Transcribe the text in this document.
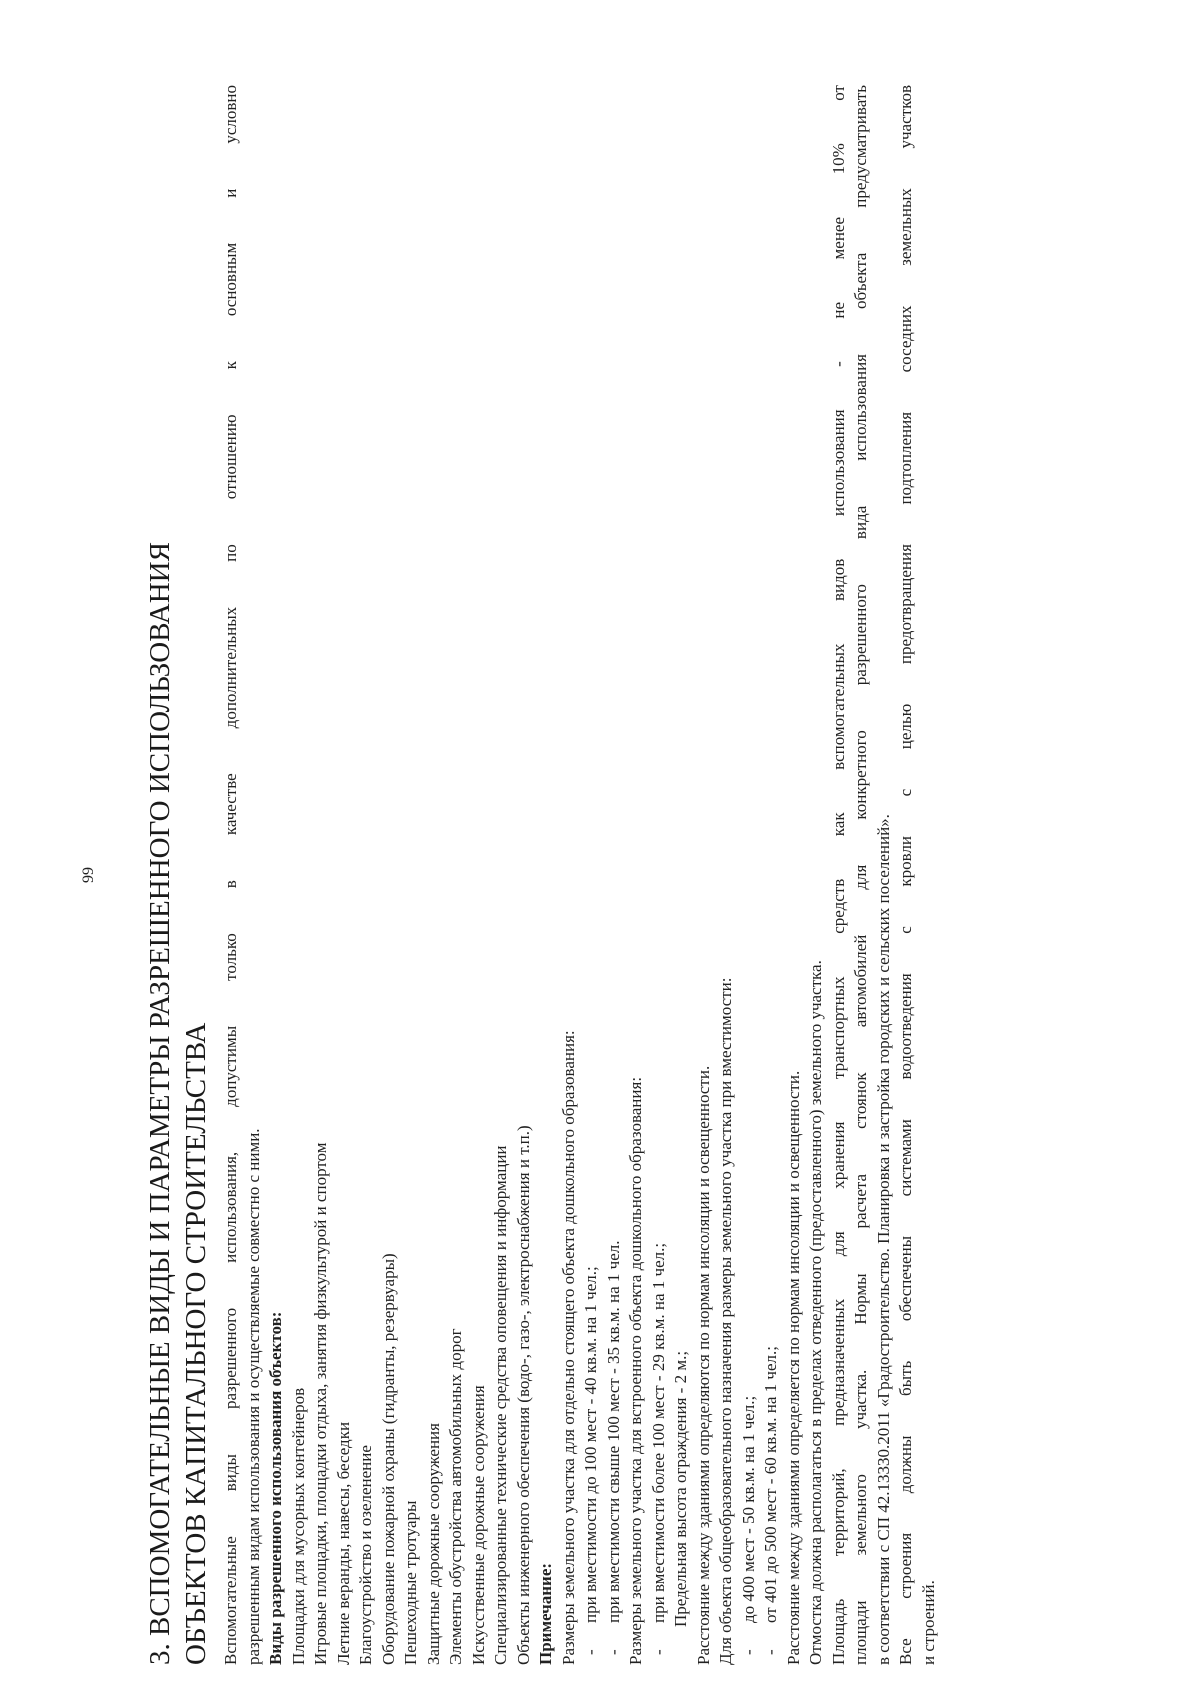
99 3. ВСПОМОГАТЕЛЬНЫЕ ВИДЫ И ПАРАМЕТРЫ РАЗРЕШЕННОГО ИСПОЛЬЗОВАНИЯ ОБЪЕКТОВ КАПИТАЛЬНОГО СТРОИТЕЛЬСТВА Вспомогательные виды разрешенного использования, допустимы только в качестве дополнительных по отношению к основным и условно разрешенным видам использования и осуществляемые совместно с ними. Виды разрешенного использования объектов: Площадки для мусорных контейнеров Игровые площадки, площадки отдыха, занятия физкультурой и спортом Летние веранды, навесы, беседки Благоустройство и озеленение Оборудование пожарной охраны (гидранты, резервуары) Пешеходные тротуары Защитные дорожные сооружения Элементы обустройства автомобильных дорог Искусственные дорожные сооружения Специализированные технические средства оповещения и информации Объекты инженерного обеспечения (водо-, газо-, электроснабжения и т.п.) Примечание: Размеры земельного участка для отдельно стоящего объекта дошкольного образования: -при вместимости до 100 мест - 40 кв.м. на 1 чел.;
-при вместимости свыше 100 мест - 35 кв.м. на 1 чел. Размеры земельного участка для встроенного объекта дошкольного образования: -при вместимости более 100 мест - 29 кв.м. на 1 чел.; Предельная высота ограждения - 2 м.; Расстояние между зданиями определяются по нормам инсоляции и освещенности. Для объекта общеобразовательного назначения размеры земельного участка при вместимости: -до 400 мест - 50 кв.м. на 1 чел.;
-от 401 до 500 мест - 60 кв.м. на 1 чел.; Расстояние между зданиями определяется по нормам инсоляции и освещенности. Отмостка должна располагаться в пределах отведенного (предоставленного) земельного участка. Площадь территорий, предназначенных для хранения транспортных средств как вспомогательных видов использования - не менее 10% от площади земельного участка. Нормы расчета стоянок автомобилей для конкретного разрешенного вида использования объекта предусматривать в соответствии с СП 42.13330.2011 «Градостроительство. Планировка и застройка городских и сельских поселений». Все строения должны быть обеспечены системами водоотведения с кровли с целью предотвращения подтопления соседних земельных участков и строений.
